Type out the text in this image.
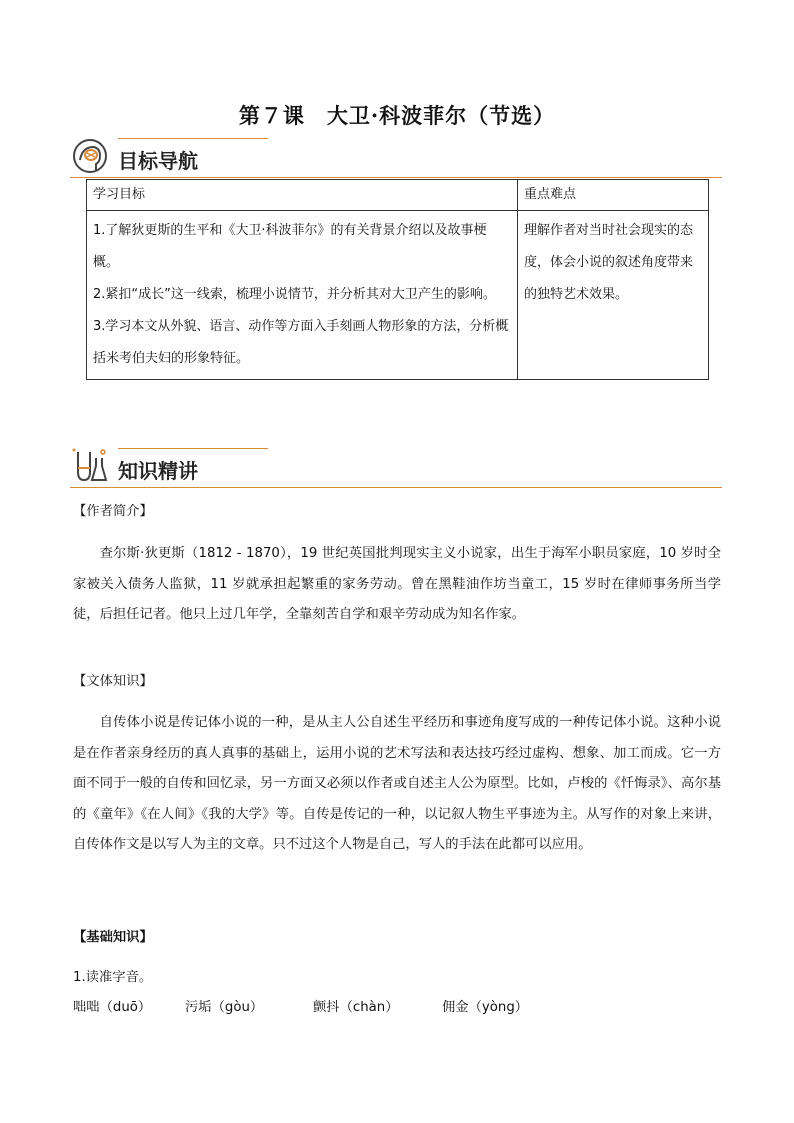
第７课　大卫·科波菲尔（节选）
目标导航
学习目标	重点难点

1.了解狄更斯的生平和《大卫·科波菲尔》的有关背景介绍以及故事梗概。
2.紧扣“成长”这一线索，梳理小说情节，并分析其对大卫产生的影响。
3.学习本文从外貌、语言、动作等方面入手刻画人物形象的方法，分析概括米考伯夫妇的形象特征。	理解作者对当时社会现实的态度，体会小说的叙述角度带来的独特艺术效果。
知识精讲
【作者简介】
查尔斯·狄更斯（1812 - 1870），19 世纪英国批判现实主义小说家，出生于海军小职员家庭，10 岁时全家被关入债务人监狱，11 岁就承担起繁重的家务劳动。曾在黑鞋油作坊当童工，15 岁时在律师事务所当学徒，后担任记者。他只上过几年学，全靠刻苦自学和艰辛劳动成为知名作家。
【文体知识】
自传体小说是传记体小说的一种，是从主人公自述生平经历和事迹角度写成的一种传记体小说。这种小说是在作者亲身经历的真人真事的基础上，运用小说的艺术写法和表达技巧经过虚构、想象、加工而成。它一方面不同于一般的自传和回忆录，另一方面又必须以作者或自述主人公为原型。比如，卢梭的《忏悔录》、高尔基的《童年》《在人间》《我的大学》等。自传是传记的一种，以记叙人物生平事迹为主。从写作的对象上来讲，自传体作文是以写人为主的文章。只不过这个人物是自己，写人的手法在此都可以应用。
【基础知识】
1.读准字音。
咄咄（duō）	污垢（gòu）	颤抖（chàn）	佣金（yòng）
